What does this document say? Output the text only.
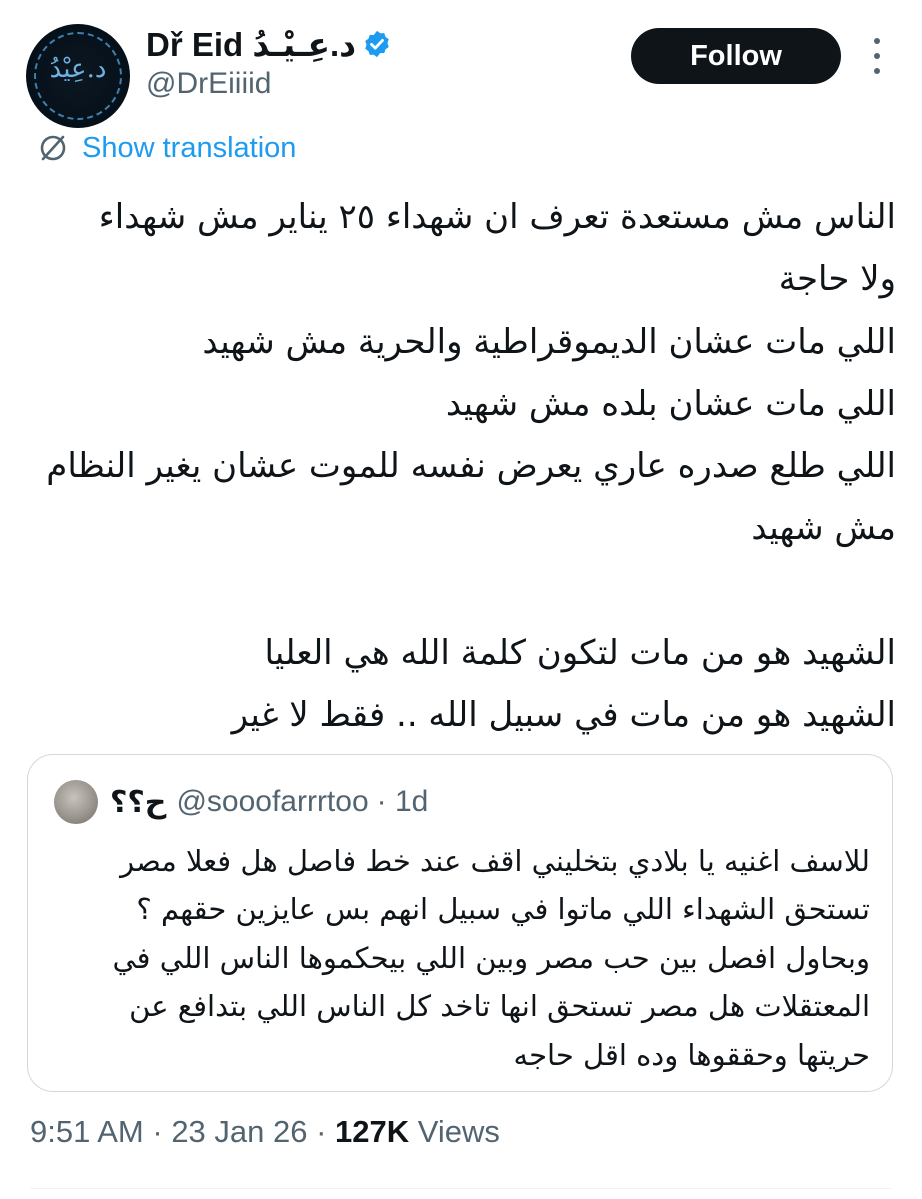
د.عِيْدُ
Dř Eid د.عِـيْـدُ
@DrEiiiid
Follow
Show translation
الناس مش مستعدة تعرف ان شهداء ٢٥ يناير مش شهداء
ولا حاجة
اللي مات عشان الديموقراطية والحرية مش شهيد
اللي مات عشان بلده مش شهيد
اللي طلع صدره عاري يعرض نفسه للموت عشان يغير النظام
مش شهيد
الشهيد هو من مات لتكون كلمة الله هي العليا
الشهيد هو من مات في سبيل الله .. فقط لا غير
ح؟؟ @sooofarrrtoo · 1d
للاسف اغنيه يا بلادي بتخليني اقف عند خط فاصل هل فعلا مصر
تستحق الشهداء اللي ماتوا في سبيل انهم بس عايزين حقهم ؟
وبحاول افصل بين حب مصر وبين اللي بيحكموها الناس اللي في
المعتقلات هل مصر تستحق انها تاخد كل الناس اللي بتدافع عن
حريتها وحققوها وده اقل حاجه
9:51 AM · 23 Jan 26 · 127K Views
